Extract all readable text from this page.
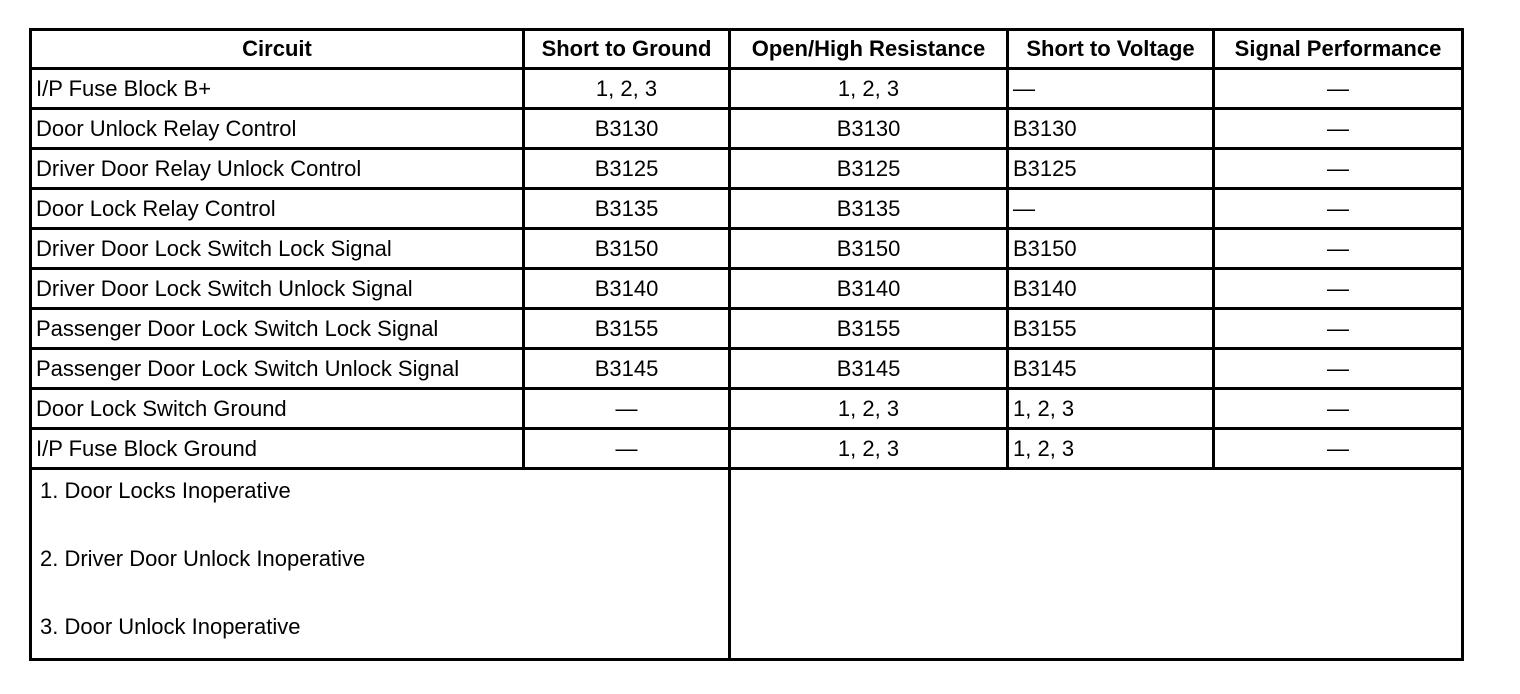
Circuit	Short to Ground	Open/High Resistance	Short to Voltage	Signal Performance
I/P Fuse Block B+	1, 2, 3	1, 2, 3	—	—
Door Unlock Relay Control	B3130	B3130	B3130	—
Driver Door Relay Unlock Control	B3125	B3125	B3125	—
Door Lock Relay Control	B3135	B3135	—	—
Driver Door Lock Switch Lock Signal	B3150	B3150	B3150	—
Driver Door Lock Switch Unlock Signal	B3140	B3140	B3140	—
Passenger Door Lock Switch Lock Signal	B3155	B3155	B3155	—
Passenger Door Lock Switch Unlock Signal	B3145	B3145	B3145	—
Door Lock Switch Ground	—	1, 2, 3	1, 2, 3	—
I/P Fuse Block Ground	—	1, 2, 3	1, 2, 3	—

1. Door Locks Inoperative
2. Driver Door Unlock Inoperative
3. Door Unlock Inoperative				
